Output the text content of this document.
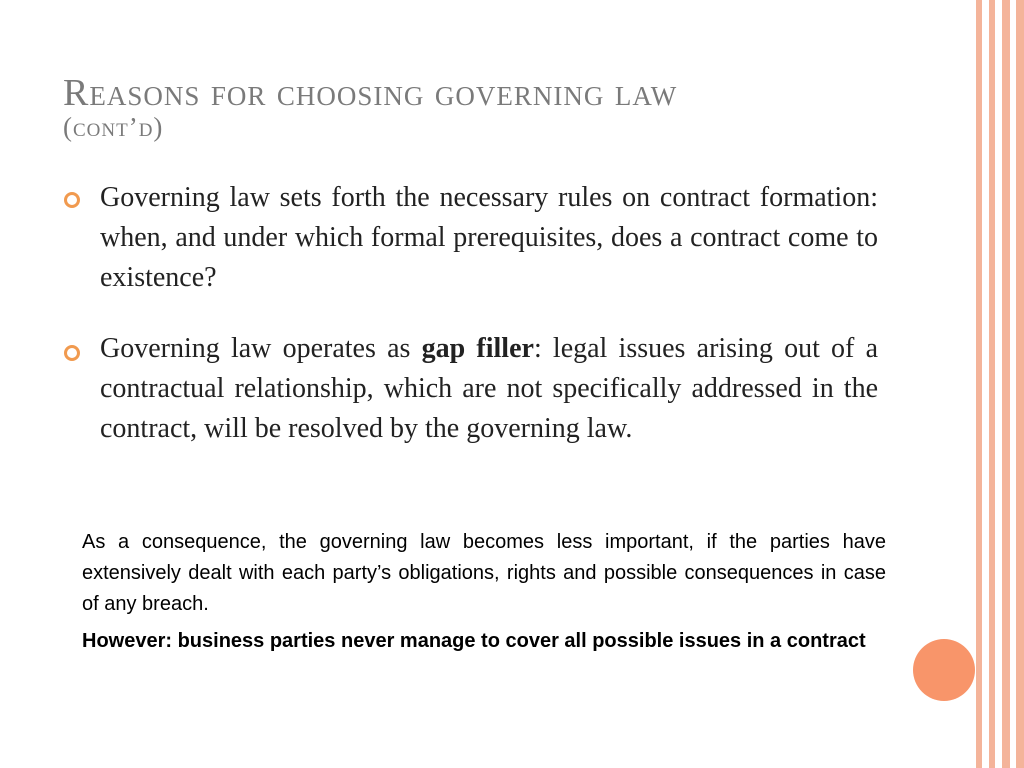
Reasons for choosing governing law
(cont’d)
Governing law sets forth the necessary rules on contract formation: when, and under which formal prerequisites, does a contract come to existence?
Governing law operates as gap filler: legal issues arising out of a contractual relationship, which are not specifically addressed in the contract, will be resolved by the governing law.
As a consequence, the governing law becomes less important, if the parties have extensively dealt with each party’s obligations, rights and possible consequences in case of any breach.
However: business parties never manage to cover all possible issues in a contract
